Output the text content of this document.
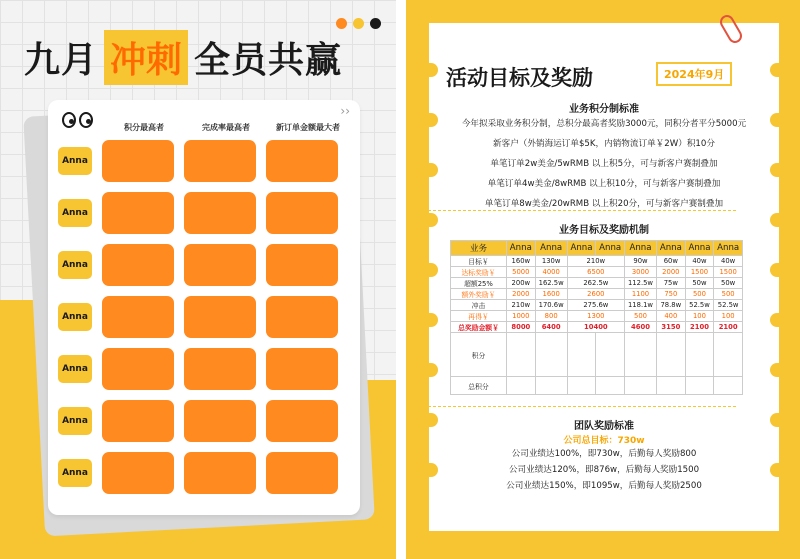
九月 冲刺 全员共赢
››
积分最高者	完成率最高者	新订单金额最大者
Anna
Anna
Anna
Anna
Anna
Anna
Anna
活动目标及奖励	2024年9月
业务积分制标准
今年拟采取业务积分制，总积分最高者奖励3000元，同积分者平分5000元
新客户（外销海运订单$5K，内销物流订单￥2W）积10分
单笔订单2w美金/5wRMB 以上积5分，可与新客户赛制叠加
单笔订单4w美金/8wRMB 以上积10分，可与新客户赛制叠加
单笔订单8w美金/20wRMB 以上积20分，可与新客户赛制叠加
业务目标及奖励机制
业务	Anna	Anna	Anna	Anna	Anna	Anna	Anna	Anna
目标￥	160w	130w	210w		90w	60w	40w	40w
达标奖励￥	5000	4000	6500		3000	2000	1500	1500
超额25%	200w	162.5w	262.5w		112.5w	75w	50w	50w
额外奖励￥	2000	1600	2600		1100	750	500	500
冲击	210w	170.6w	275.6w		118.1w	78.8w	52.5w	52.5w
再得￥	1000	800	1300		500	400	100	100
总奖励金额￥	8000	6400	10400		4600	3150	2100	2100
积分								
总积分								
团队奖励标准
公司总目标：730w
公司业绩达100%，即730w，后勤每人奖励800
公司业绩达120%，即876w，后勤每人奖励1500
公司业绩达150%，即1095w，后勤每人奖励2500
